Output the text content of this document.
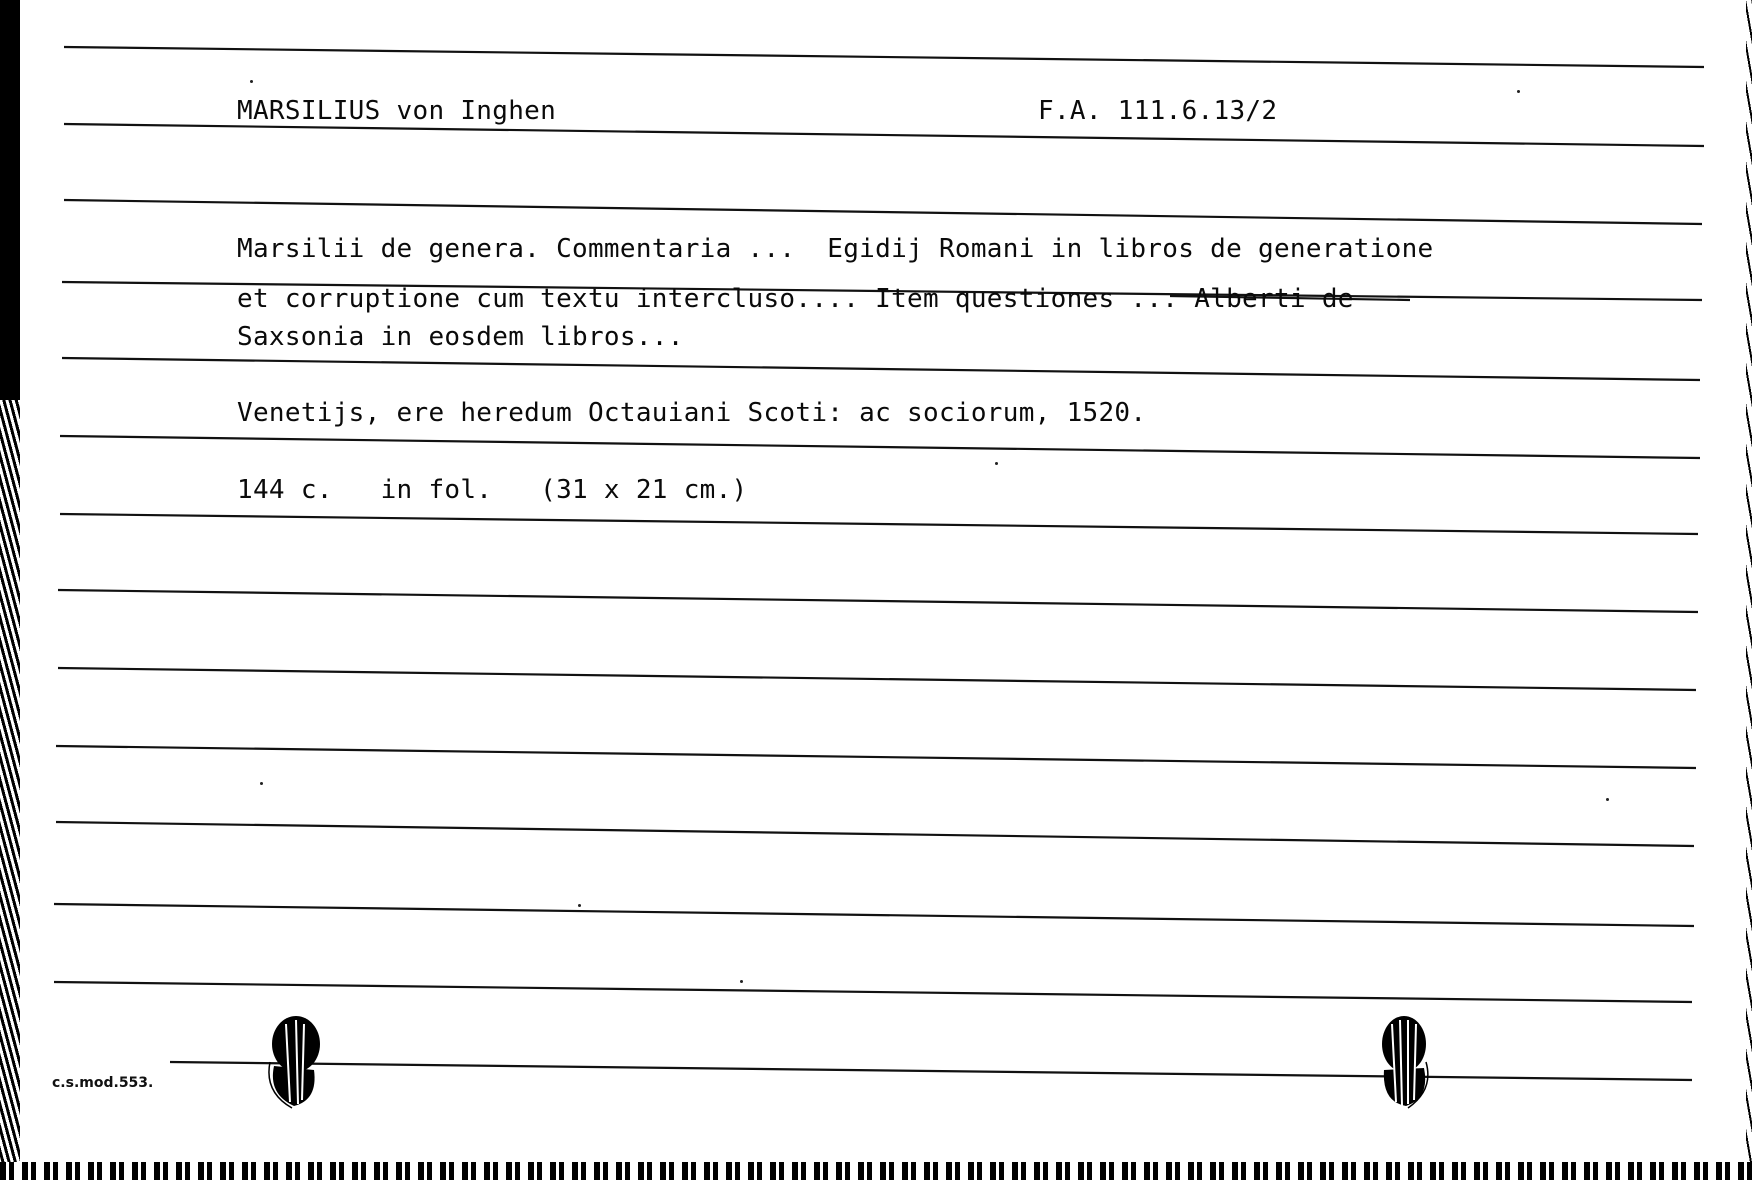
MARSILIUS von Inghen	F.A. 111.6.13/2
Marsilii de genera. Commentaria ...  Egidij Romani in libros de generatione
et corruptione cum textu intercluso.... Item questiones ... Alberti de
Saxsonia in eosdem libros...
Venetijs, ere heredum Octauiani Scoti: ac sociorum, 1520.
144 c.   in fol.   (31 x 21 cm.)
c.s.mod.553.
